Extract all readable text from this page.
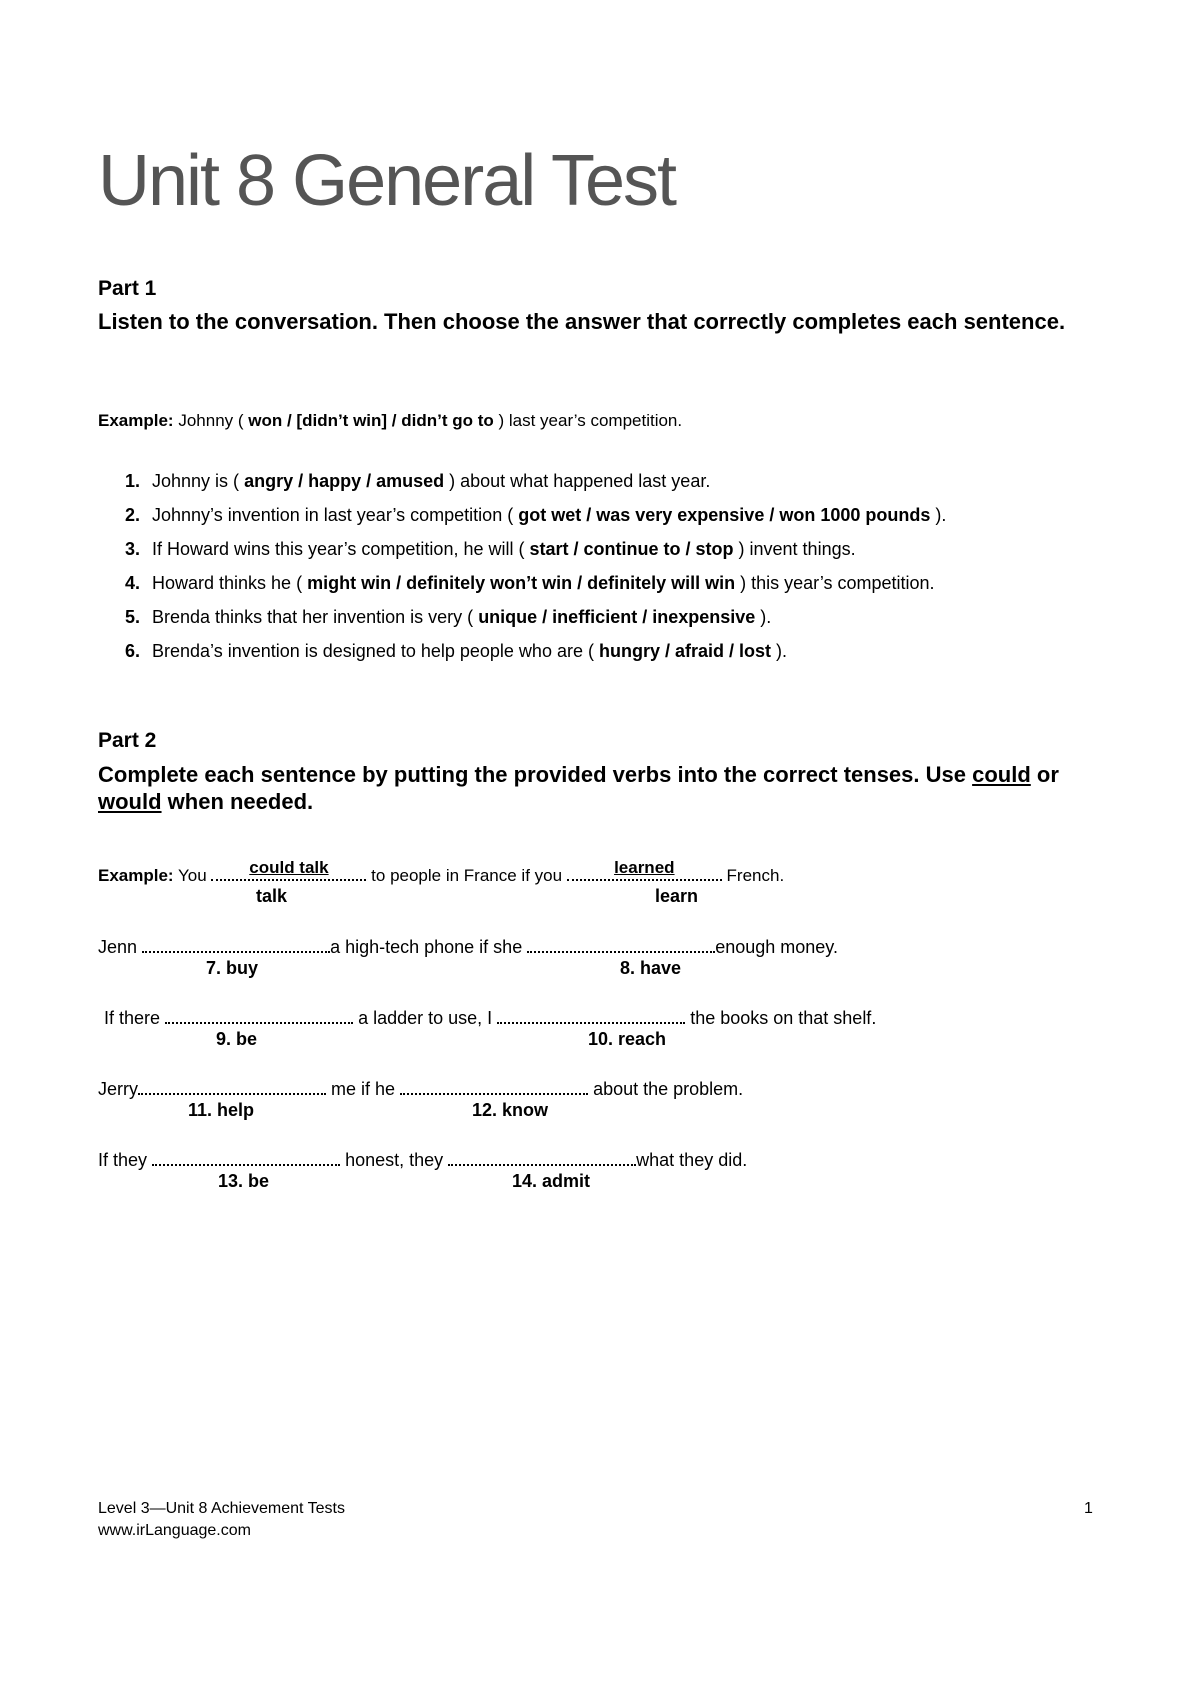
Unit 8 General Test
Part 1
Listen to the conversation. Then choose the answer that correctly completes each sentence.
Example: Johnny ( won / [didn’t win] / didn’t go to ) last year’s competition.
1. Johnny is ( angry / happy / amused ) about what happened last year.
2. Johnny’s invention in last year’s competition ( got wet / was very expensive / won 1000 pounds ).
3. If Howard wins this year’s competition, he will ( start / continue to / stop ) invent things.
4. Howard thinks he ( might win / definitely won’t win / definitely will win ) this year’s competition.
5. Brenda thinks that her invention is very ( unique / inefficient / inexpensive ).
6. Brenda’s invention is designed to help people who are ( hungry / afraid / lost ).
Part 2
Complete each sentence by putting the provided verbs into the correct tenses. Use could or would when needed.
Example: You	could talk	to people in France if you	learned	French.
talk	learn
Jenn	a high-tech phone if she	enough money.
7. buy	8. have
If there	a ladder to use, I	the books on that shelf.
9. be	10. reach
Jerry	me if he	about the problem.
11. help	12. know
If they	honest, they	what they did.
13. be	14. admit
Level 3—Unit 8 Achievement Tests
www.irLanguage.com
1
